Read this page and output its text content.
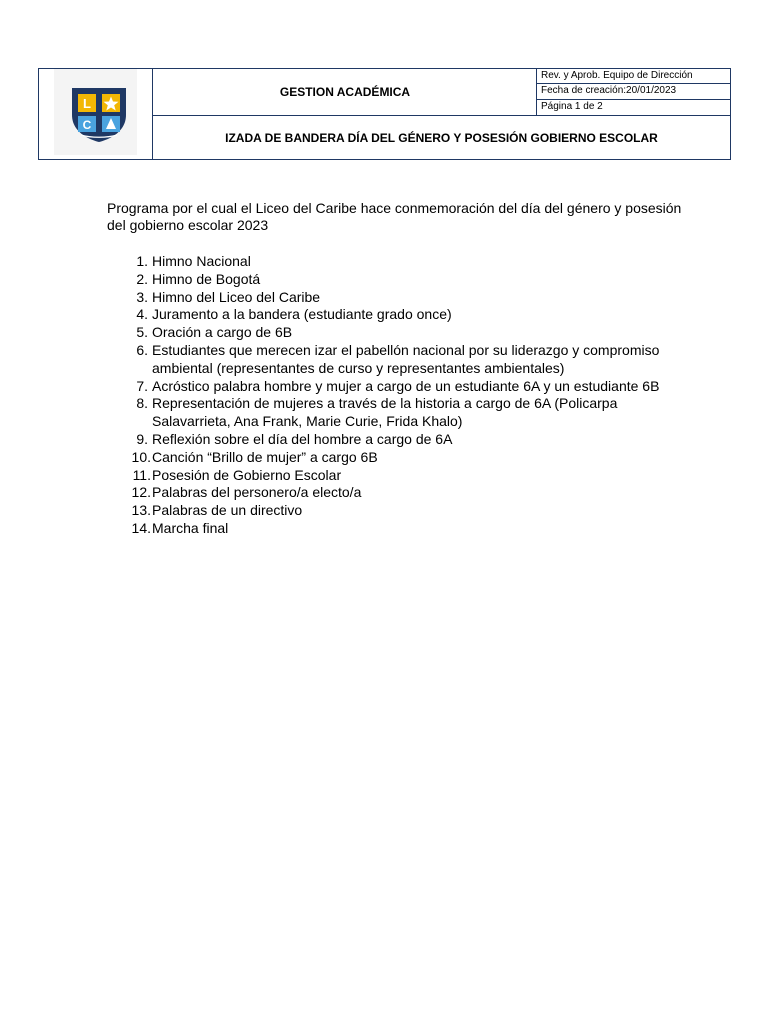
L
C
GESTION ACADÉMICA
Rev. y Aprob. Equipo de Dirección
Fecha de creación:20/01/2023
Página 1 de 2
IZADA DE BANDERA DÍA DEL GÉNERO Y POSESIÓN GOBIERNO ESCOLAR
Programa por el cual el Liceo del Caribe hace conmemoración del día del género y posesión del gobierno escolar 2023
1. Himno Nacional
2. Himno de Bogotá
3. Himno del Liceo del Caribe
4. Juramento a la bandera (estudiante grado once)
5. Oración a cargo de 6B
6. Estudiantes que merecen izar el pabellón nacional por su liderazgo y compromiso ambiental (representantes de curso y representantes ambientales)
7. Acróstico palabra hombre y mujer a cargo de un estudiante 6A y un estudiante 6B
8. Representación de mujeres a través de la historia a cargo de 6A (Policarpa Salavarrieta, Ana Frank, Marie Curie, Frida Khalo)
9. Reflexión sobre el día del hombre a cargo de 6A
10. Canción “Brillo de mujer” a cargo 6B
11. Posesión de Gobierno Escolar
12. Palabras del personero/a electo/a
13. Palabras de un directivo
14. Marcha final
